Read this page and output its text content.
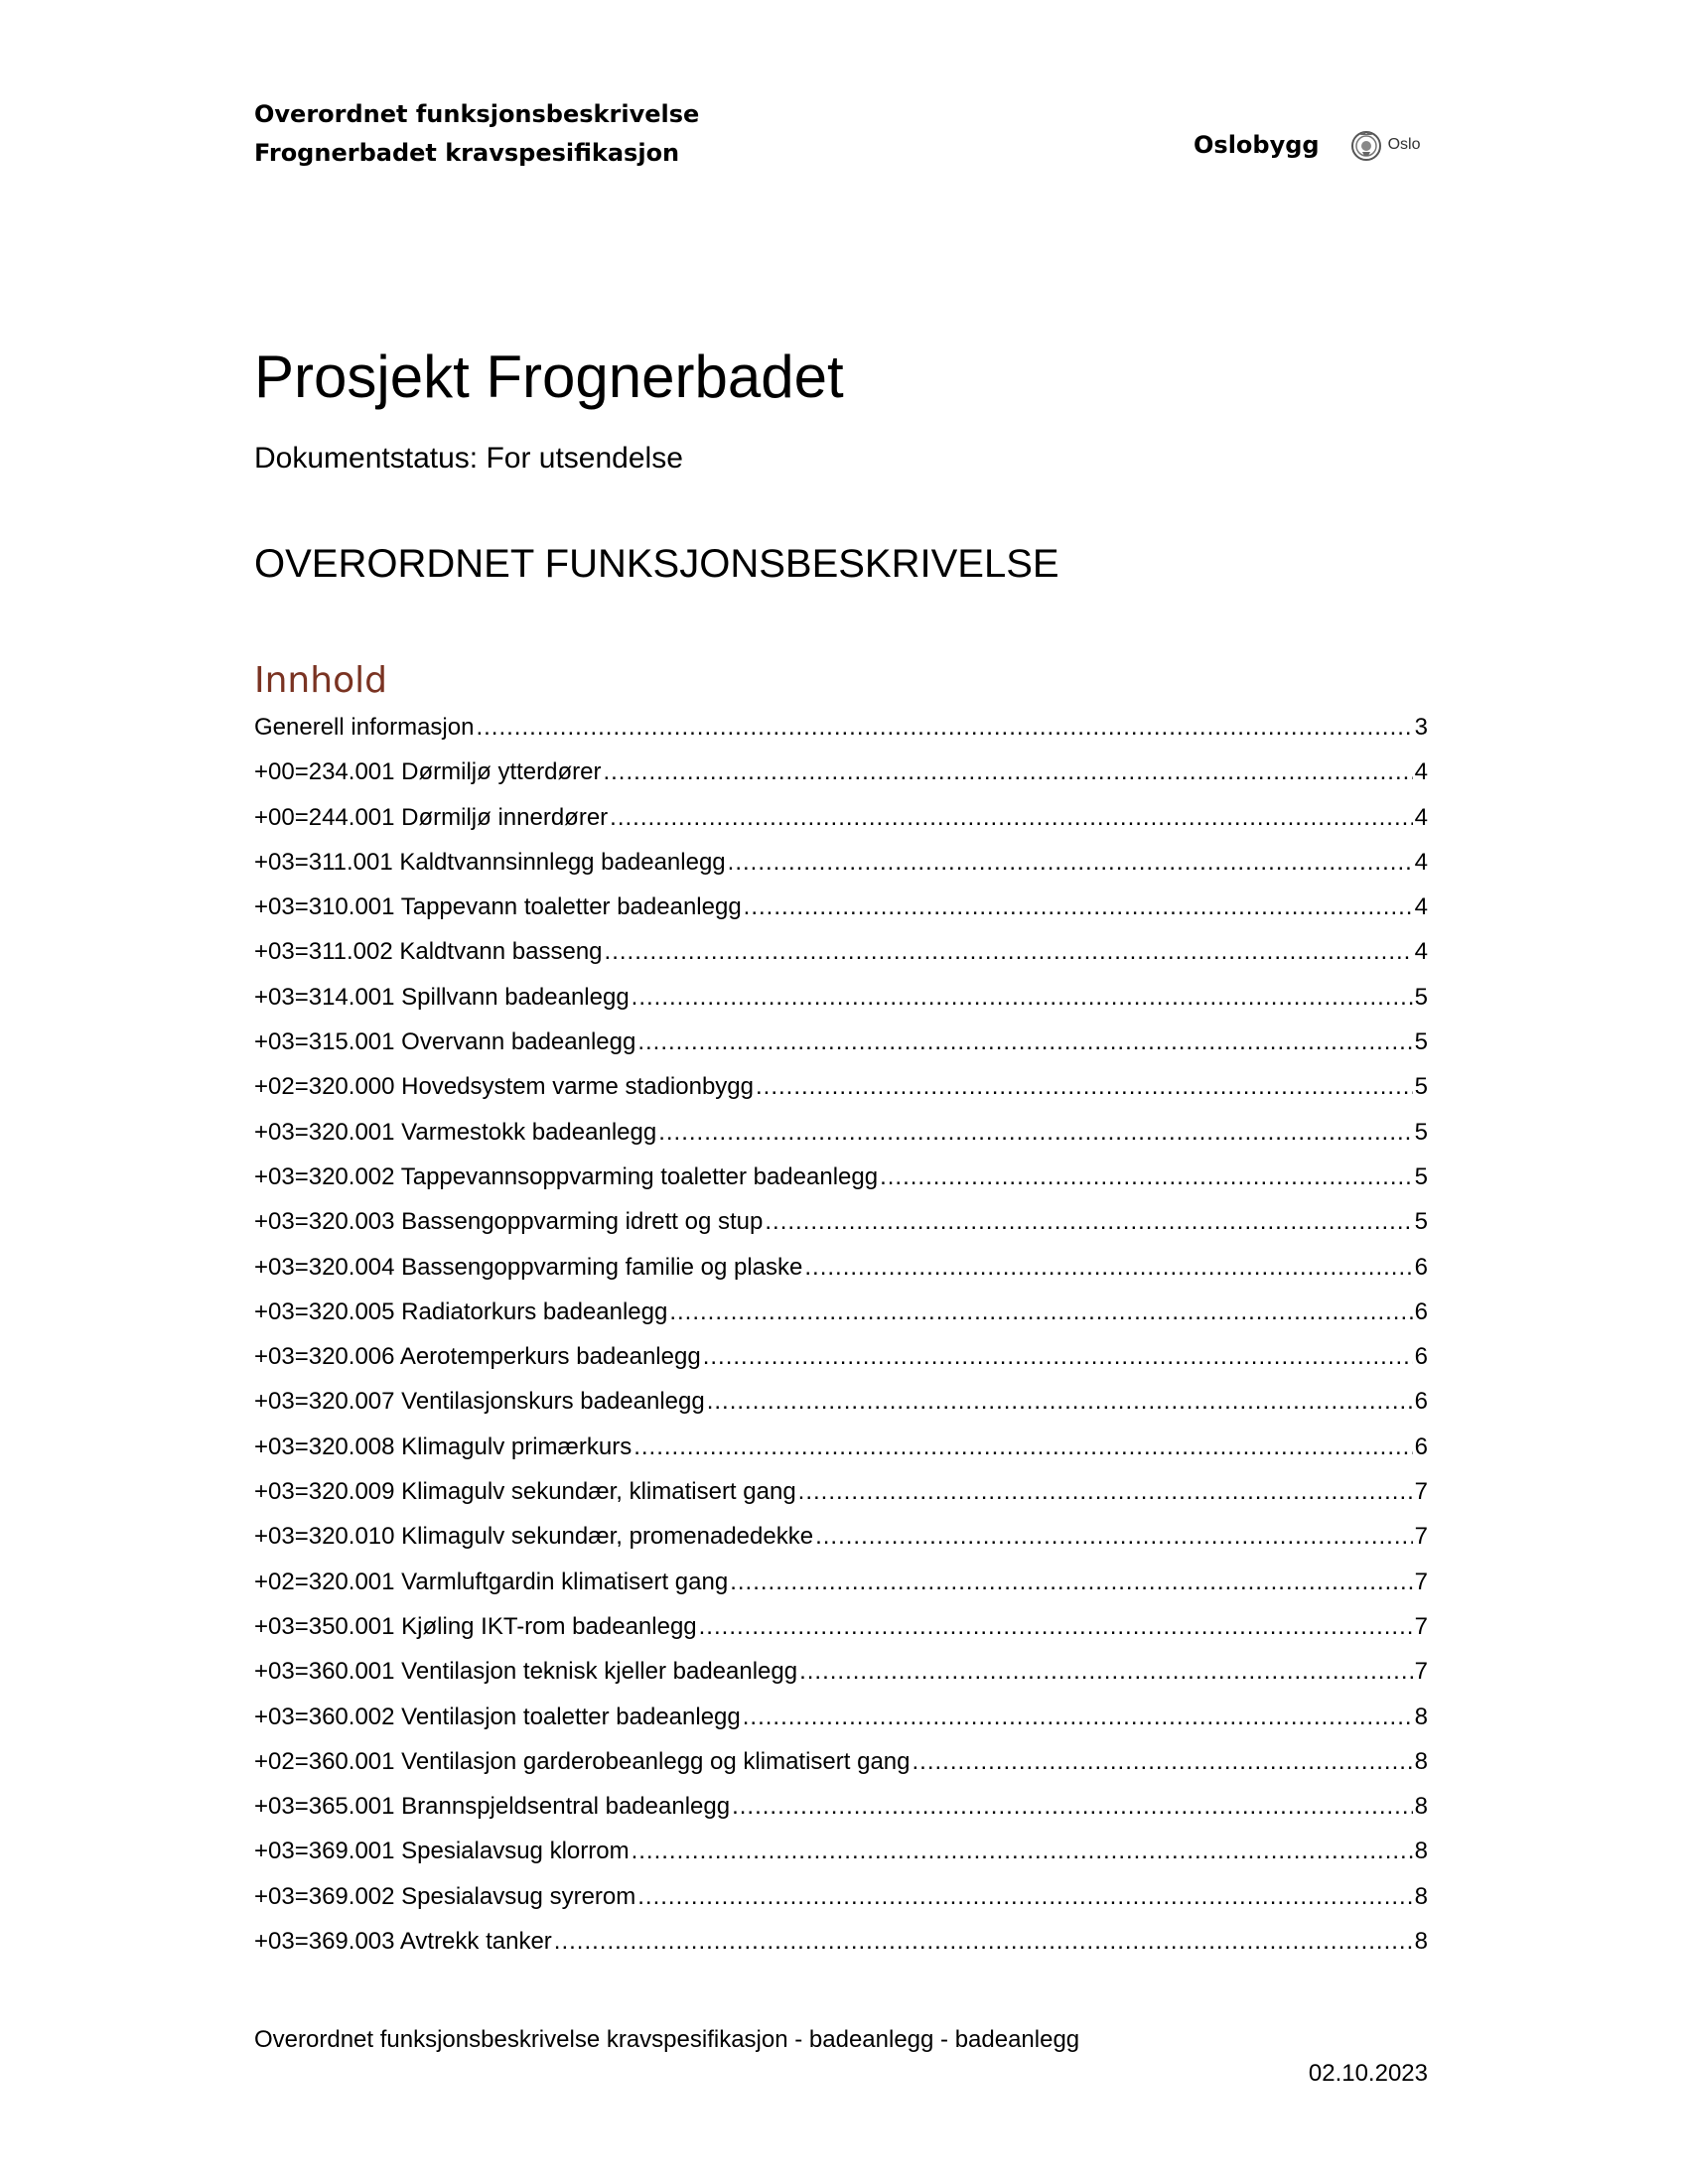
Overordnet funksjonsbeskrivelse
Frognerbadet kravspesifikasjon	Oslobygg	Oslo
Prosjekt Frognerbadet
Dokumentstatus: For utsendelse
OVERORDNET FUNKSJONSBESKRIVELSE
Innhold
Generell informasjon .....	3
+00=234.001 Dørmiljø ytterdører .....	4
+00=244.001 Dørmiljø innerdører .....	4
+03=311.001 Kaldtvannsinnlegg badeanlegg .....	4
+03=310.001 Tappevann toaletter badeanlegg .....	4
+03=311.002 Kaldtvann basseng .....	4
+03=314.001 Spillvann badeanlegg .....	5
+03=315.001 Overvann badeanlegg .....	5
+02=320.000 Hovedsystem varme stadionbygg .....	5
+03=320.001 Varmestokk badeanlegg .....	5
+03=320.002 Tappevannsoppvarming toaletter badeanlegg .....	5
+03=320.003 Bassengoppvarming idrett og stup .....	5
+03=320.004 Bassengoppvarming familie og plaske .....	6
+03=320.005 Radiatorkurs badeanlegg .....	6
+03=320.006 Aerotemperkurs badeanlegg .....	6
+03=320.007 Ventilasjonskurs badeanlegg .....	6
+03=320.008 Klimagulv primærkurs .....	6
+03=320.009 Klimagulv sekundær, klimatisert gang .....	7
+03=320.010 Klimagulv sekundær, promenadedekke .....	7
+02=320.001 Varmluftgardin klimatisert gang .....	7
+03=350.001 Kjøling IKT-rom badeanlegg .....	7
+03=360.001 Ventilasjon teknisk kjeller badeanlegg .....	7
+03=360.002 Ventilasjon toaletter badeanlegg .....	8
+02=360.001 Ventilasjon garderobeanlegg og klimatisert gang .....	8
+03=365.001 Brannspjeldsentral badeanlegg .....	8
+03=369.001 Spesialavsug klorrom .....	8
+03=369.002 Spesialavsug syrerom .....	8
+03=369.003 Avtrekk tanker .....	8
Overordnet funksjonsbeskrivelse kravspesifikasjon - badeanlegg - badeanlegg
02.10.2023
